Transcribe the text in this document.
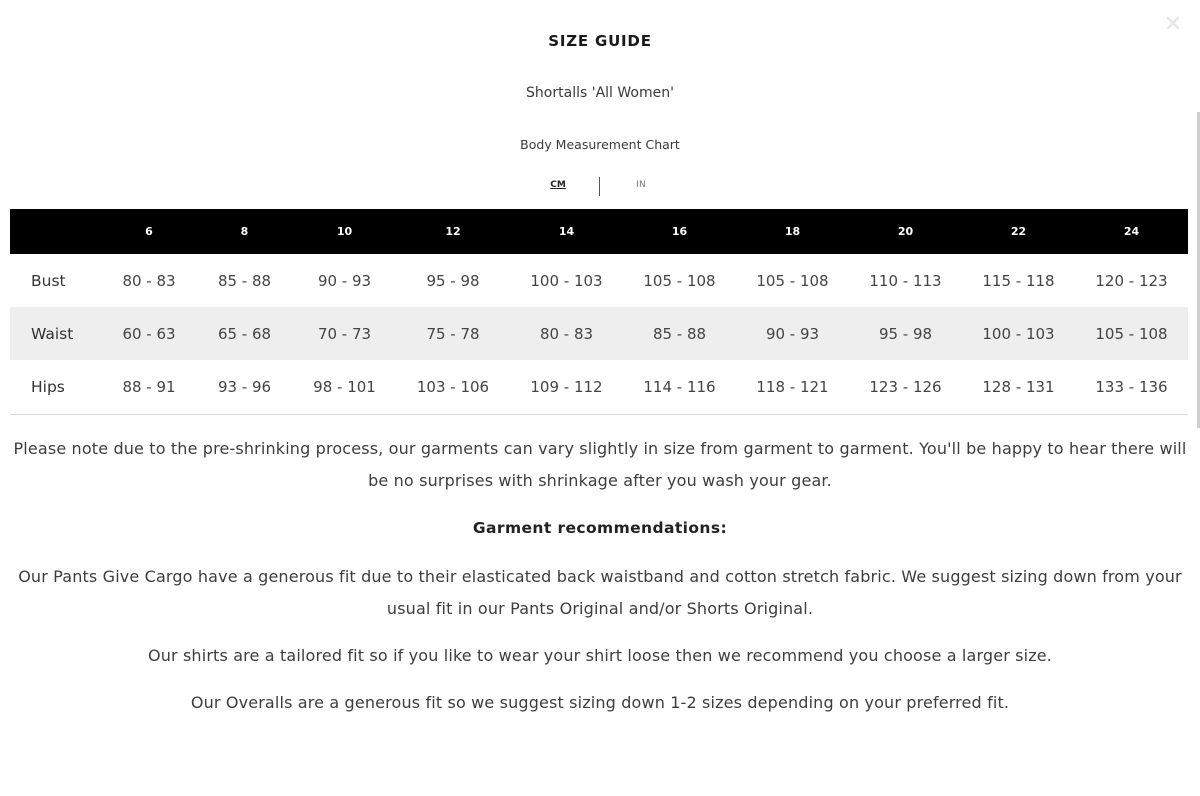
✕
SIZE GUIDE
Shortalls 'All Women'
Body Measurement Chart
CM	IN
	6	8	10	12	14	16	18	20	22	24
Bust	80 - 83	85 - 88	90 - 93	95 - 98	100 - 103	105 - 108	105 - 108	110 - 113	115 - 118	120 - 123
Waist	60 - 63	65 - 68	70 - 73	75 - 78	80 - 83	85 - 88	90 - 93	95 - 98	100 - 103	105 - 108
Hips	88 - 91	93 - 96	98 - 101	103 - 106	109 - 112	114 - 116	118 - 121	123 - 126	128 - 131	133 - 136
Please note due to the pre-shrinking process, our garments can vary slightly in size from garment to garment. You'll be happy to hear there will be no surprises with shrinkage after you wash your gear.
Garment recommendations:
Our Pants Give Cargo have a generous fit due to their elasticated back waistband and cotton stretch fabric. We suggest sizing down from your usual fit in our Pants Original and/or Shorts Original.
Our shirts are a tailored fit so if you like to wear your shirt loose then we recommend you choose a larger size.
Our Overalls are a generous fit so we suggest sizing down 1-2 sizes depending on your preferred fit.
